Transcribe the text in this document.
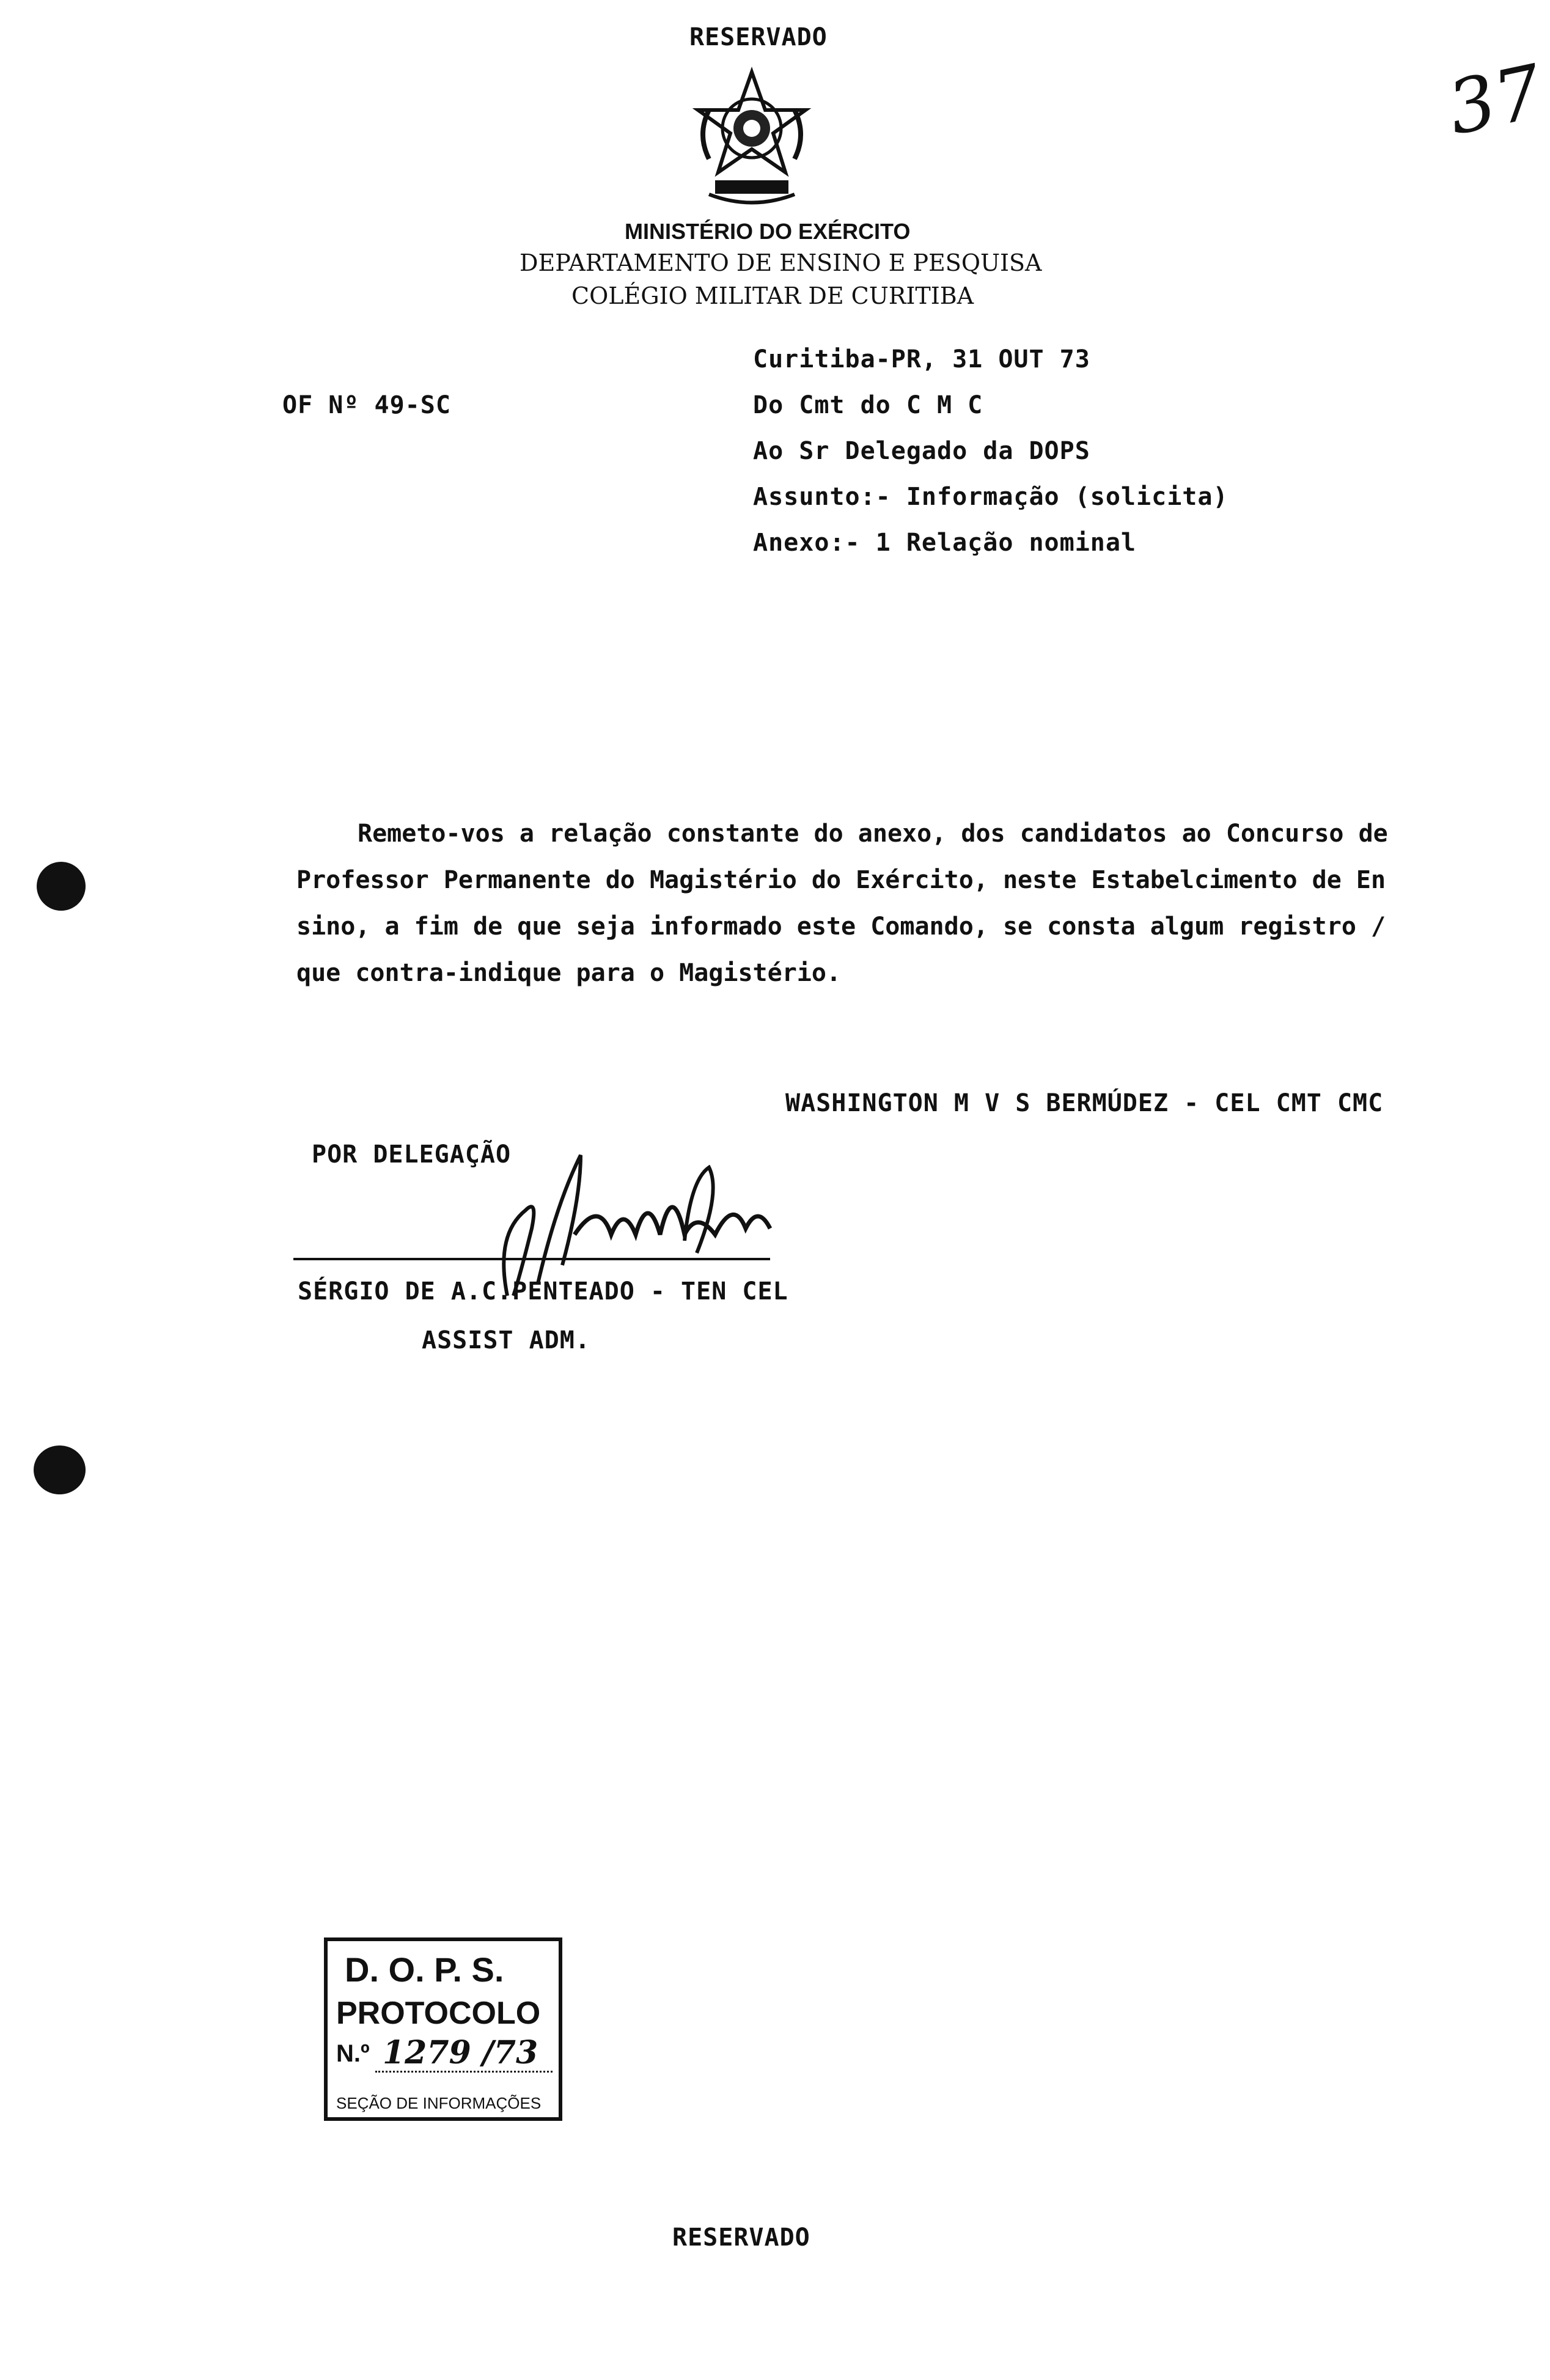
RESERVADO
MINISTÉRIO DO EXÉRCITO
DEPARTAMENTO DE ENSINO E PESQUISA
COLÉGIO MILITAR DE CURITIBA
37
OF Nº 49-SC
Curitiba-PR, 31 OUT 73
Do Cmt do C M C
Ao Sr Delegado da DOPS
Assunto:- Informação (solicita)
Anexo:- 1 Relação nominal
Remeto-vos a relação constante do anexo, dos candidatos ao Concurso de
Professor Permanente do Magistério do Exército, neste Estabelcimento de En
sino, a fim de que seja informado este Comando, se consta algum registro /
que contra-indique para o Magistério.
WASHINGTON M V S BERMÚDEZ - CEL CMT CMC
POR DELEGAÇÃO
SÉRGIO DE A.C.PENTEADO - TEN CEL
ASSIST ADM.
D. O. P. S.
PROTOCOLO
N.º 1279 /73
SEÇÃO DE INFORMAÇÕES
RESERVADO
